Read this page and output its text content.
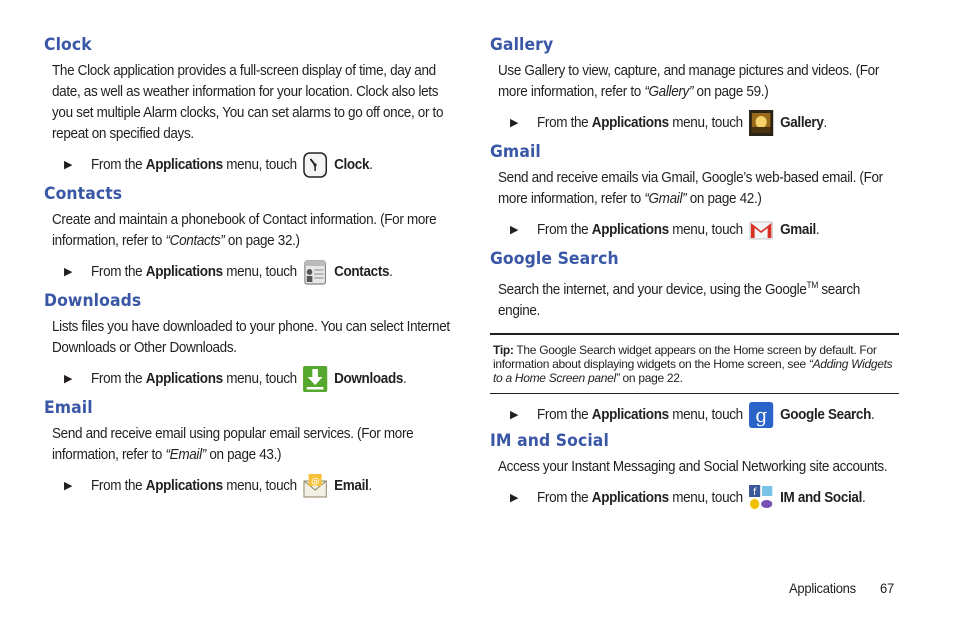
Clock

The Clock application provides a full-screen display of time, day and date, as well as weather information for your location. Clock also lets you set multiple Alarm clocks, You can set alarms to go off once, or to repeat on specified days.

▶	From the
Applications
menu, touch	Clock .
Contacts

Create and maintain a phonebook of Contact information. (For more information, refer to “Contacts” on page 32.)

▶	From the
Applications
menu, touch	Contacts .
Downloads

Lists files you have downloaded to your phone. You can select Internet Downloads or Other Downloads.

▶	From the
Applications
menu, touch	Downloads .
Email

Send and receive email using popular email services. (For more information, refer to “Email” on page 43.)

▶	From the
Applications
menu, touch @ Email .
Gallery

Use Gallery to view, capture, and manage pictures and videos. (For more information, refer to “Gallery” on page 59.)

▶	From the
Applications
menu, touch	Gallery .
Gmail

Send and receive emails via Gmail, Google’s web-based email. (For more information, refer to “Gmail” on page 42.)

▶	From the
Applications
menu, touch	Gmail .
Google Search

Search the internet, and your device, using the Google™ search engine.

Tip: The Google Search widget appears on the Home screen by default. For information about displaying widgets on the Home screen, see “Adding Widgets to a Home Screen panel” on page 22.
▶	From the
Applications
menu, touch g Google Search .
IM and Social

Access your Instant Messaging and Social Networking site accounts.

▶	From the
Applications
menu, touch f IM and Social .
Applications 67
